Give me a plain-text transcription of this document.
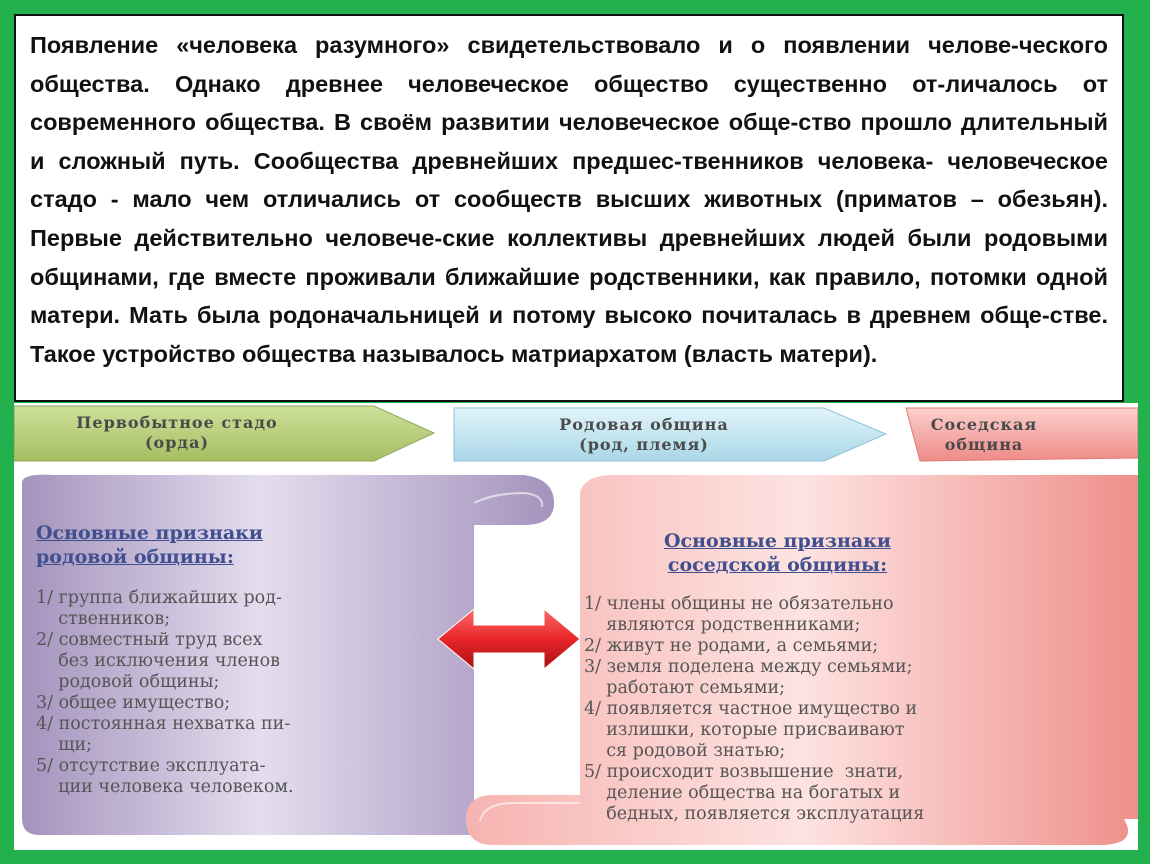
Появление «человека разумного» свидетельствовало и о появлении челове-ческого общества. Однако древнее человеческое общество существенно от-личалось от современного общества. В своём развитии человеческое обще-ство прошло длительный и сложный путь. Сообщества древнейших предшес-твенников человека- человеческое стадо - мало чем отличались от сообществ высших животных (приматов – обезьян). Первые действительно человече-ские коллективы древнейших людей были родовыми общинами, где вместе проживали ближайшие родственники, как правило, потомки одной матери. Мать была родоначальницей и потому высоко почиталась в древнем обще-стве. Такое устройство общества называлось матриархатом (власть матери).

Первобытное стадо
(орда)
Родовая община
(род, племя)
Соседская
община
Основные признаки
родовой общины:
1/ группа ближайших род-
ственников;
2/ совместный труд всех
без исключения членов
родовой общины;
3/ общее имущество;
4/ постоянная нехватка пи-
щи;
5/ отсутствие эксплуата-
ции человека человеком.
Основные признаки
соседской общины:
1/ члены общины не обязательно
являются родственниками;
2/ живут не родами, а семьями;
3/ земля поделена между семьями;
работают семьями;
4/ появляется частное имущество и
излишки, которые присваивают
ся родовой знатью;
5/ происходит возвышение  знати,
деление общества на богатых и
бедных, появляется эксплуатация
